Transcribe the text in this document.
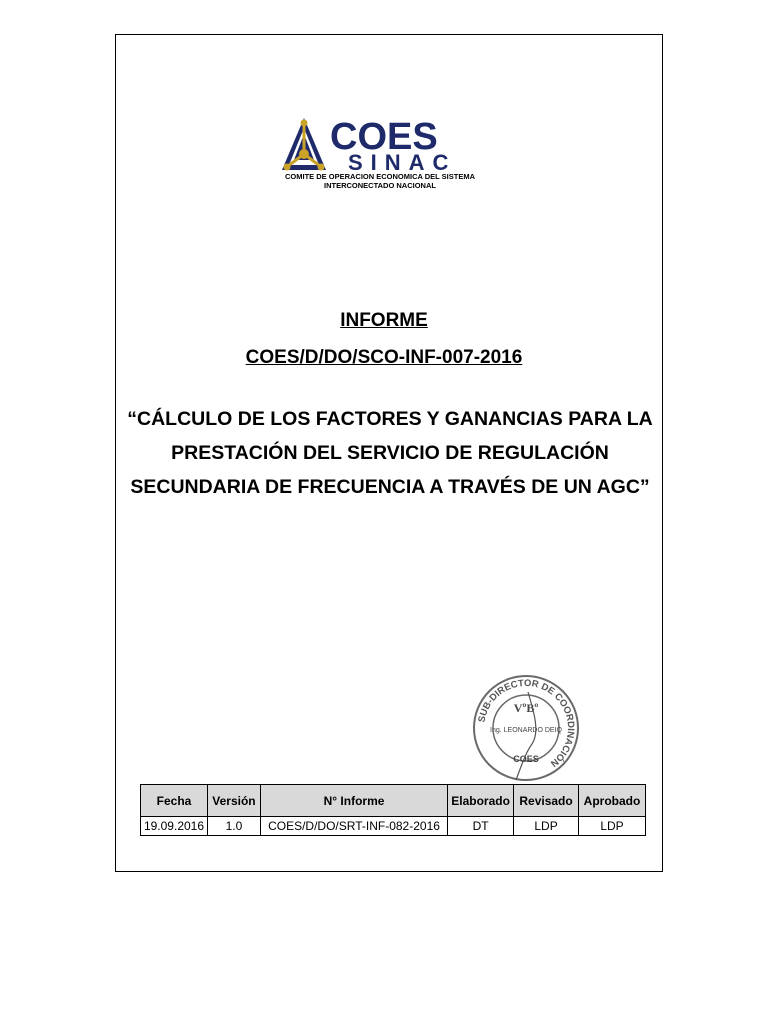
COES
SINAC
COMITE DE OPERACION ECONOMICA DEL SISTEMA
INTERCONECTADO NACIONAL
INFORME
COES/D/DO/SCO-INF-007-2016
“CÁLCULO DE LOS FACTORES Y GANANCIAS PARA LA
PRESTACIÓN DEL SERVICIO DE REGULACIÓN
SECUNDARIA DE FRECUENCIA A TRAVÉS DE UN AGC”
SUB-DIRECTOR DE COORDINACIÓN
VºBº
Ing. LEONARDO DEIQ
COES
Fecha	Versión	N° Informe	Elaborado	Revisado	Aprobado
19.09.2016	1.0	COES/D/DO/SRT-INF-082-2016	DT	LDP	LDP
